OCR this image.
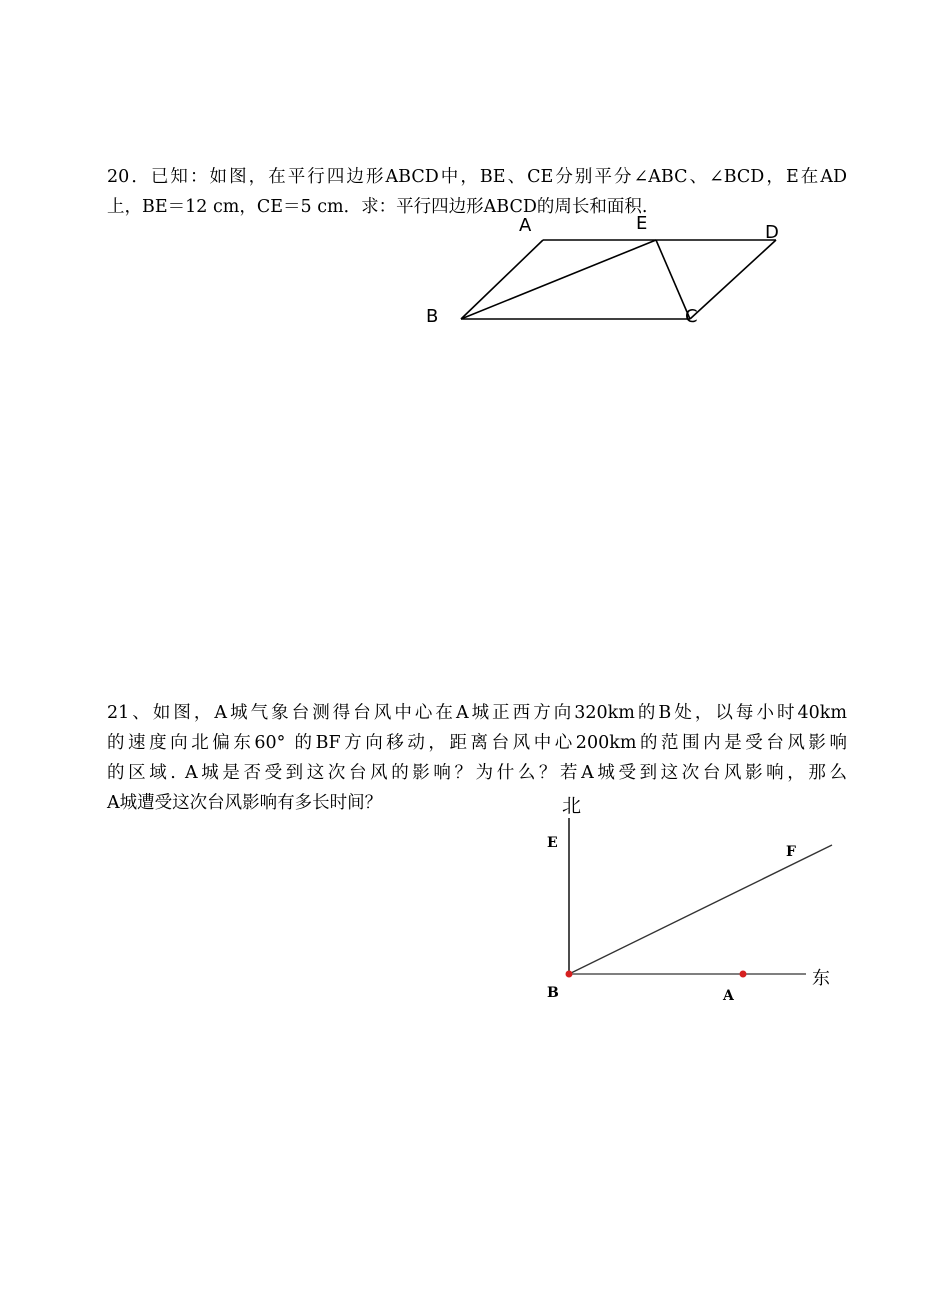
20．已知：如图，在平行四边形ABCD中，BE、CE分别平分∠ABC、∠BCD，E在AD
上，BE＝12 cm，CE＝5 cm．求：平行四边形ABCD的周长和面积.

A	E	D
B	C

21、如图，A城气象台测得台风中心在A城正西方向320km的B处，以每小时40km
的速度向北偏东60° 的BF方向移动，距离台风中心200km的范围内是受台风影响
的区域. A城是否受到这次台风的影响？为什么？若A城受到这次台风影响，那么
A城遭受这次台风影响有多长时间？	北
E
F
B	A
东
